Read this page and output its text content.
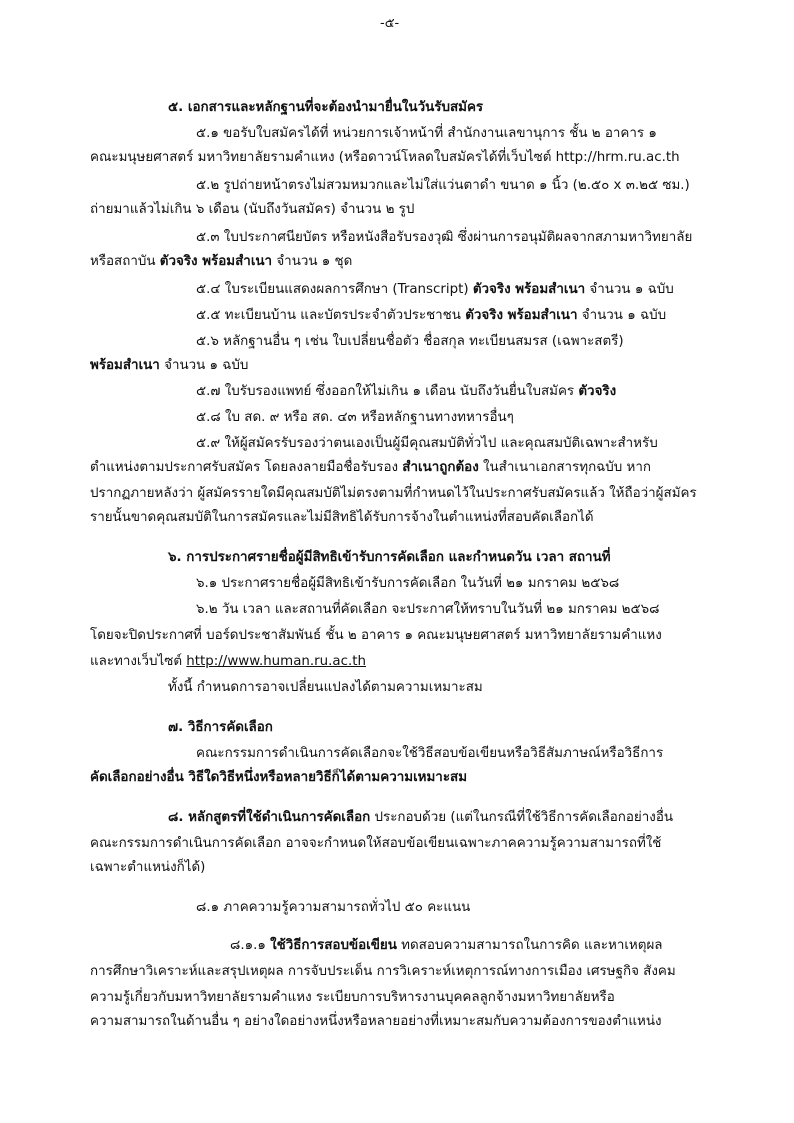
-๕-
๕. เอกสารและหลักฐานที่จะต้องนำมายื่นในวันรับสมัคร
๕.๑ ขอรับใบสมัครได้ที่ หน่วยการเจ้าหน้าที่ สำนักงานเลขานุการ ชั้น ๒ อาคาร ๑
คณะมนุษยศาสตร์ มหาวิทยาลัยรามคำแหง (หรือดาวน์โหลดใบสมัครได้ที่เว็บไซต์ http://hrm.ru.ac.th
๕.๒ รูปถ่ายหน้าตรงไม่สวมหมวกและไม่ใส่แว่นตาดำ ขนาด ๑ นิ้ว (๒.๕๐ x ๓.๒๕ ซม.)
ถ่ายมาแล้วไม่เกิน ๖ เดือน (นับถึงวันสมัคร) จำนวน ๒ รูป
๕.๓ ใบประกาศนียบัตร หรือหนังสือรับรองวุฒิ ซึ่งผ่านการอนุมัติผลจากสภามหาวิทยาลัย
หรือสถาบัน ตัวจริง พร้อมสำเนา จำนวน ๑ ชุด
๕.๔ ใบระเบียนแสดงผลการศึกษา (Transcript) ตัวจริง พร้อมสำเนา จำนวน ๑ ฉบับ
๕.๕ ทะเบียนบ้าน และบัตรประจำตัวประชาชน ตัวจริง พร้อมสำเนา จำนวน ๑ ฉบับ
๕.๖ หลักฐานอื่น ๆ เช่น ใบเปลี่ยนชื่อตัว ชื่อสกุล ทะเบียนสมรส (เฉพาะสตรี)
พร้อมสำเนา จำนวน ๑ ฉบับ
๕.๗ ใบรับรองแพทย์ ซึ่งออกให้ไม่เกิน ๑ เดือน นับถึงวันยื่นใบสมัคร ตัวจริง
๕.๘ ใบ สด. ๙ หรือ สด. ๔๓ หรือหลักฐานทางทหารอื่นๆ
๕.๙ ให้ผู้สมัครรับรองว่าตนเองเป็นผู้มีคุณสมบัติทั่วไป และคุณสมบัติเฉพาะสำหรับ
ตำแหน่งตามประกาศรับสมัคร โดยลงลายมือชื่อรับรอง สำเนาถูกต้อง ในสำเนาเอกสารทุกฉบับ หาก
ปรากฏภายหลังว่า ผู้สมัครรายใดมีคุณสมบัติไม่ตรงตามที่กำหนดไว้ในประกาศรับสมัครแล้ว ให้ถือว่าผู้สมัคร
รายนั้นขาดคุณสมบัติในการสมัครและไม่มีสิทธิได้รับการจ้างในตำแหน่งที่สอบคัดเลือกได้
๖. การประกาศรายชื่อผู้มีสิทธิเข้ารับการคัดเลือก และกำหนดวัน เวลา สถานที่
๖.๑ ประกาศรายชื่อผู้มีสิทธิเข้ารับการคัดเลือก ในวันที่ ๒๑ มกราคม ๒๕๖๘
๖.๒ วัน เวลา และสถานที่คัดเลือก จะประกาศให้ทราบในวันที่ ๒๑ มกราคม ๒๕๖๘
โดยจะปิดประกาศที่ บอร์ดประชาสัมพันธ์ ชั้น ๒ อาคาร ๑ คณะมนุษยศาสตร์ มหาวิทยาลัยรามคำแหง
และทางเว็บไซต์ http://www.human.ru.ac.th
ทั้งนี้ กำหนดการอาจเปลี่ยนแปลงได้ตามความเหมาะสม
๗. วิธีการคัดเลือก
คณะกรรมการดำเนินการคัดเลือกจะใช้วิธีสอบข้อเขียนหรือวิธีสัมภาษณ์หรือวิธีการ
คัดเลือกอย่างอื่น วิธีใดวิธีหนึ่งหรือหลายวิธีก็ได้ตามความเหมาะสม
๘. หลักสูตรที่ใช้ดำเนินการคัดเลือก ประกอบด้วย (แต่ในกรณีที่ใช้วิธีการคัดเลือกอย่างอื่น
คณะกรรมการดำเนินการคัดเลือก อาจจะกำหนดให้สอบข้อเขียนเฉพาะภาคความรู้ความสามารถที่ใช้
เฉพาะตำแหน่งก็ได้)
๘.๑ ภาคความรู้ความสามารถทั่วไป ๕๐ คะแนน
๘.๑.๑ ใช้วิธีการสอบข้อเขียน ทดสอบความสามารถในการคิด และหาเหตุผล
การศึกษาวิเคราะห์และสรุปเหตุผล การจับประเด็น การวิเคราะห์เหตุการณ์ทางการเมือง เศรษฐกิจ สังคม
ความรู้เกี่ยวกับมหาวิทยาลัยรามคำแหง ระเบียบการบริหารงานบุคคลลูกจ้างมหาวิทยาลัยหรือ
ความสามารถในด้านอื่น ๆ อย่างใดอย่างหนึ่งหรือหลายอย่างที่เหมาะสมกับความต้องการของตำแหน่ง
